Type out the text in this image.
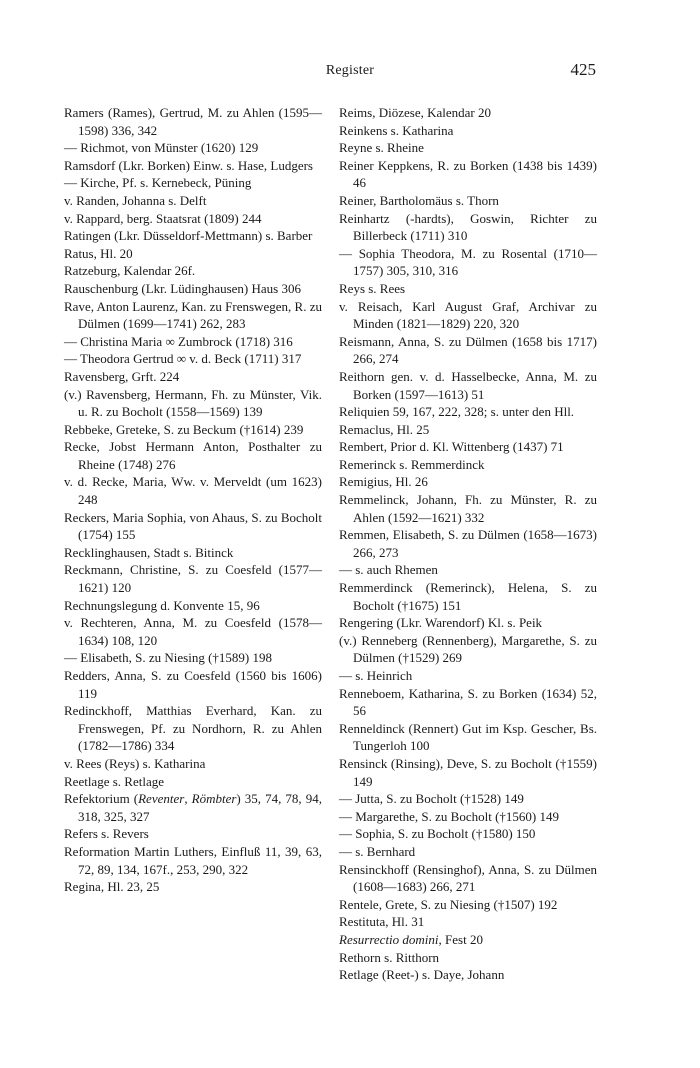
Register	425
Ramers (Rames), Gertrud, M. zu Ahlen (1595—1598) 336, 342
— Richmot, von Münster (1620) 129
Ramsdorf (Lkr. Borken) Einw. s. Hase, Ludgers
— Kirche, Pf. s. Kernebeck, Püning
v. Randen, Johanna s. Delft
v. Rappard, berg. Staatsrat (1809) 244
Ratingen (Lkr. Düsseldorf-Mettmann) s. Barber
Ratus, Hl. 20
Ratzeburg, Kalendar 26f.
Rauschenburg (Lkr. Lüdinghausen) Haus 306
Rave, Anton Laurenz, Kan. zu Frenswegen, R. zu Dülmen (1699—1741) 262, 283
— Christina Maria ∞ Zumbrock (1718) 316
— Theodora Gertrud ∞ v. d. Beck (1711) 317
Ravensberg, Grft. 224
(v.) Ravensberg, Hermann, Fh. zu Münster, Vik. u. R. zu Bocholt (1558—1569) 139
Rebbeke, Greteke, S. zu Beckum (†1614) 239
Recke, Jobst Hermann Anton, Posthalter zu Rheine (1748) 276
v. d. Recke, Maria, Ww. v. Merveldt (um 1623) 248
Reckers, Maria Sophia, von Ahaus, S. zu Bocholt (1754) 155
Recklinghausen, Stadt s. Bitinck
Reckmann, Christine, S. zu Coesfeld (1577—1621) 120
Rechnungslegung d. Konvente 15, 96
v. Rechteren, Anna, M. zu Coesfeld (1578—1634) 108, 120
— Elisabeth, S. zu Niesing (†1589) 198
Redders, Anna, S. zu Coesfeld (1560 bis 1606) 119
Redinckhoff, Matthias Everhard, Kan. zu Frenswegen, Pf. zu Nordhorn, R. zu Ahlen (1782—1786) 334
v. Rees (Reys) s. Katharina
Reetlage s. Retlage
Refektorium (Reventer, Römbter) 35, 74, 78, 94, 318, 325, 327
Refers s. Revers
Reformation Martin Luthers, Einfluß 11, 39, 63, 72, 89, 134, 167f., 253, 290, 322
Regina, Hl. 23, 25
Reims, Diözese, Kalendar 20
Reinkens s. Katharina
Reyne s. Rheine
Reiner Keppkens, R. zu Borken (1438 bis 1439) 46
Reiner, Bartholomäus s. Thorn
Reinhartz (-hardts), Goswin, Richter zu Billerbeck (1711) 310
— Sophia Theodora, M. zu Rosental (1710—1757) 305, 310, 316
Reys s. Rees
v. Reisach, Karl August Graf, Archivar zu Minden (1821—1829) 220, 320
Reismann, Anna, S. zu Dülmen (1658 bis 1717) 266, 274
Reithorn gen. v. d. Hasselbecke, Anna, M. zu Borken (1597—1613) 51
Reliquien 59, 167, 222, 328; s. unter den Hll.
Remaclus, Hl. 25
Rembert, Prior d. Kl. Wittenberg (1437) 71
Remerinck s. Remmerdinck
Remigius, Hl. 26
Remmelinck, Johann, Fh. zu Münster, R. zu Ahlen (1592—1621) 332
Remmen, Elisabeth, S. zu Dülmen (1658—1673) 266, 273
— s. auch Rhemen
Remmerdinck (Remerinck), Helena, S. zu Bocholt (†1675) 151
Rengering (Lkr. Warendorf) Kl. s. Peik
(v.) Renneberg (Rennenberg), Margarethe, S. zu Dülmen (†1529) 269
— s. Heinrich
Renneboem, Katharina, S. zu Borken (1634) 52, 56
Renneldinck (Rennert) Gut im Ksp. Gescher, Bs. Tungerloh 100
Rensinck (Rinsing), Deve, S. zu Bocholt (†1559) 149
— Jutta, S. zu Bocholt (†1528) 149
— Margarethe, S. zu Bocholt (†1560) 149
— Sophia, S. zu Bocholt (†1580) 150
— s. Bernhard
Rensinckhoff (Rensinghof), Anna, S. zu Dülmen (1608—1683) 266, 271
Rentele, Grete, S. zu Niesing (†1507) 192
Restituta, Hl. 31
Resurrectio domini, Fest 20
Rethorn s. Ritthorn
Retlage (Reet-) s. Daye, Johann
